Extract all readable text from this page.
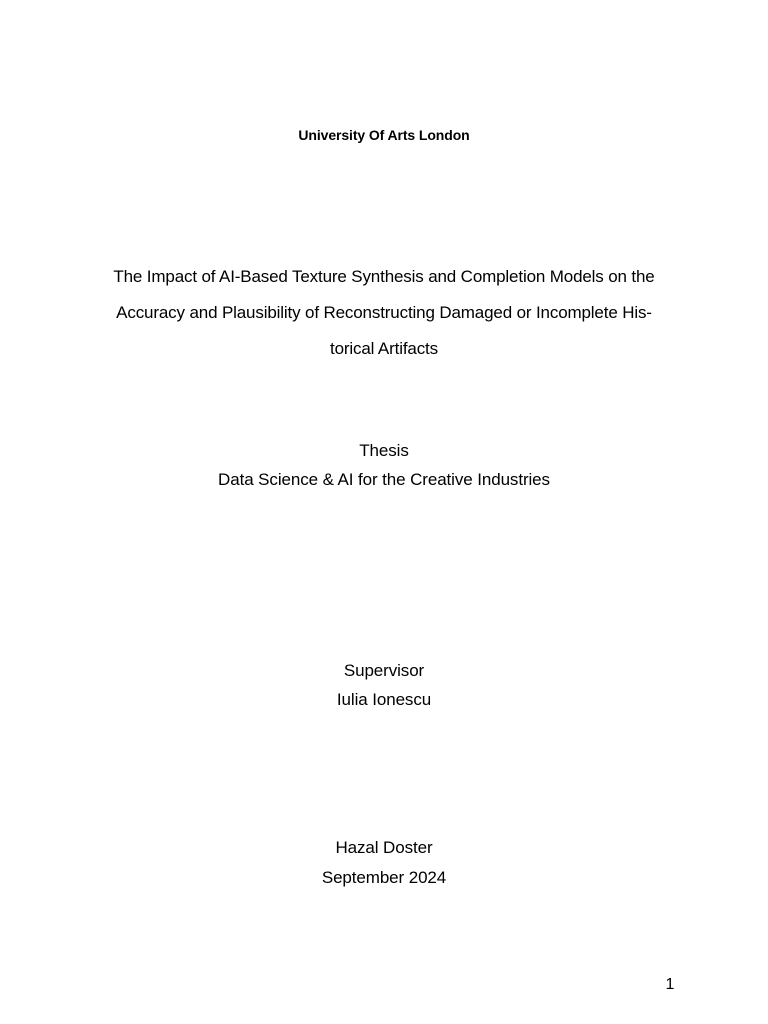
University Of Arts London
The Impact of AI-Based Texture Synthesis and Completion Models on the
Accuracy and Plausibility of Reconstructing Damaged or Incomplete His-
torical Artifacts
Thesis
Data Science & AI for the Creative Industries
Supervisor
Iulia Ionescu
Hazal Doster
September 2024
1
